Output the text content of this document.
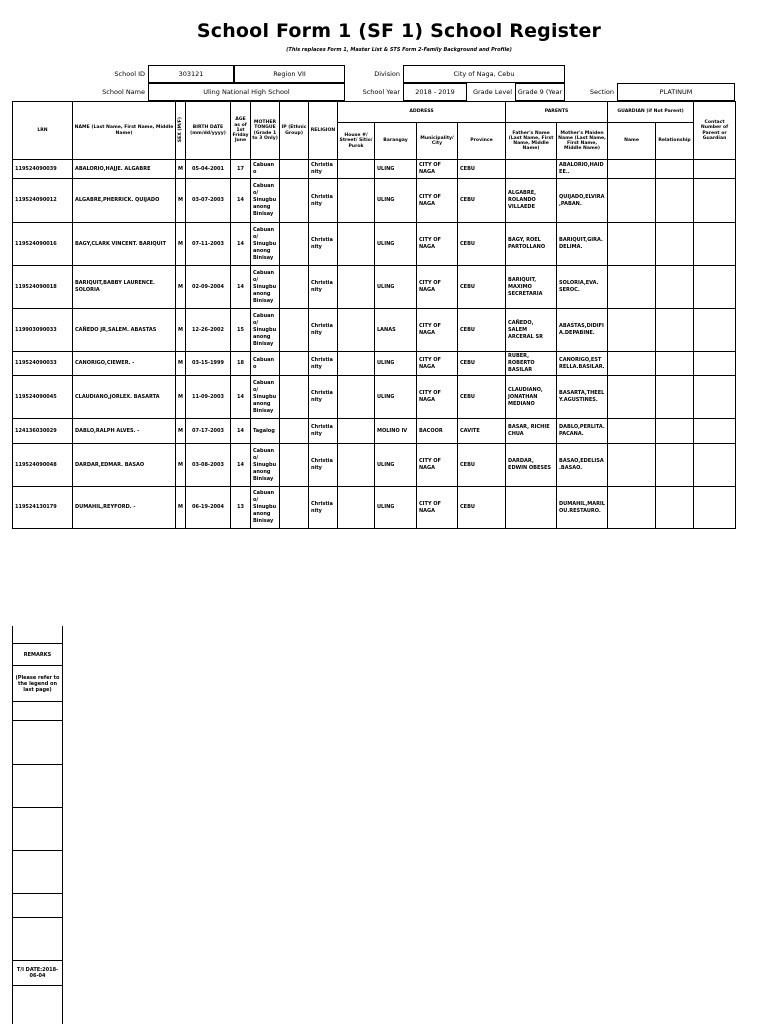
School Form 1 (SF 1) School Register
(This replaces Form 1, Master List & STS Form 2-Family Background and Profile)
School ID	303121	Region VII	Division	City of Naga, Cebu
School Name	Uling National High School	School Year	2018 - 2019	Grade Level Grade 9 (Year	Section	PLATINUM
LRN	NAME (Last Name, First Name, Middle Name)	SEX (M/F)	BIRTH DATE (mm/dd/yyyy)	AGE as of 1st Friday June	MOTHER TONGUE (Grade 1 to 3 Only)	IP (Ethnic Group)	RELIGION	ADDRESS				PARENTS		GUARDIAN (if Not Parent)		Contact Number of Parent or Guardian
								House #/ Street/ Sitio/ Purok	Barangay	Municipality/ City	Province	Father's Name (Last Name, First Name, Middle Name)	Mother's Maiden Name (Last Name, First Name, Middle Name)	Name	Relationship	
119524090039	ABALORIO,HAJJE. ALGABRE	M	05-04-2001	17	Cabuano		Christianity		ULING	CITY OF NAGA	CEBU		ABALORIO,HAIDEE..			
119524090012	ALGABRE,PHERRICK. QUIJADO	M	03-07-2003	14	Cabuano/ Sinugbuanong Binisay		Christianity		ULING	CITY OF NAGA	CEBU	ALGABRE, ROLANDO VILLAEDE	QUIJADO,ELVIRA,PABAN.			
119524090016	BAGY,CLARK VINCENT. BARIQUIT	M	07-11-2003	14	Cabuano/ Sinugbuanong Binisay		Christianity		ULING	CITY OF NAGA	CEBU	BAGY, ROEL PARTOLLANO	BARIQUIT,GIRA.DELIMA.			
119524090018	BARIQUIT,BABBY LAURENCE. SOLORIA	M	02-09-2004	14	Cabuano/ Sinugbuanong Binisay		Christianity		ULING	CITY OF NAGA	CEBU	BARIQUIT, MAXIMO SECRETARIA	SOLORIA,EVA. SEROC.			
119903090033	CAÑEDO JR,SALEM. ABASTAS	M	12-26-2002	15	Cabuano/ Sinugbuanong Binisay		Christianity		LANAS	CITY OF NAGA	CEBU	CAÑEDO, SALEM ARCERAL SR	ABASTAS,DIDIFIA.DEPABINE.			
119524090033	CANORIGO,CIEWER. -	M	03-15-1999	18	Cabuano		Christianity		ULING	CITY OF NAGA	CEBU	RUBER, ROBERTO BASILAR	CANORIGO,ESTRELLA.BASILAR.			
119524090045	CLAUDIANO,JORLEX. BASARTA	M	11-09-2003	14	Cabuano/ Sinugbuanong Binisay		Christianity		ULING	CITY OF NAGA	CEBU	CLAUDIANO, JONATHAN MEDIANO	BASARTA,THEELY.AGUSTINES.			
124136030029	DABLO,RALPH ALVES. -	M	07-17-2003	14	Tagalog		Christianity		MOLINO IV	BACOOR	CAVITE	BASAR, RICHIE CHUA	DABLO,PERLITA.PACANA.			
119524090048	DARDAR,EDMAR. BASAO	M	03-08-2003	14	Cabuano/ Sinugbuanong Binisay		Christianity		ULING	CITY OF NAGA	CEBU	DARDAR, EDWIN OBESES	BASAO,EDELISA.BASAO.			
119524130179	DUMAHIL,REYFORD. -	M	06-19-2004	13	Cabuano/ Sinugbuanong Binisay		Christianity		ULING	CITY OF NAGA	CEBU		DUMAHIL,MARILOU.RESTAURO.			
REMARKS
(Please refer to the legend on last page)
T/I DATE:2018-06-04
